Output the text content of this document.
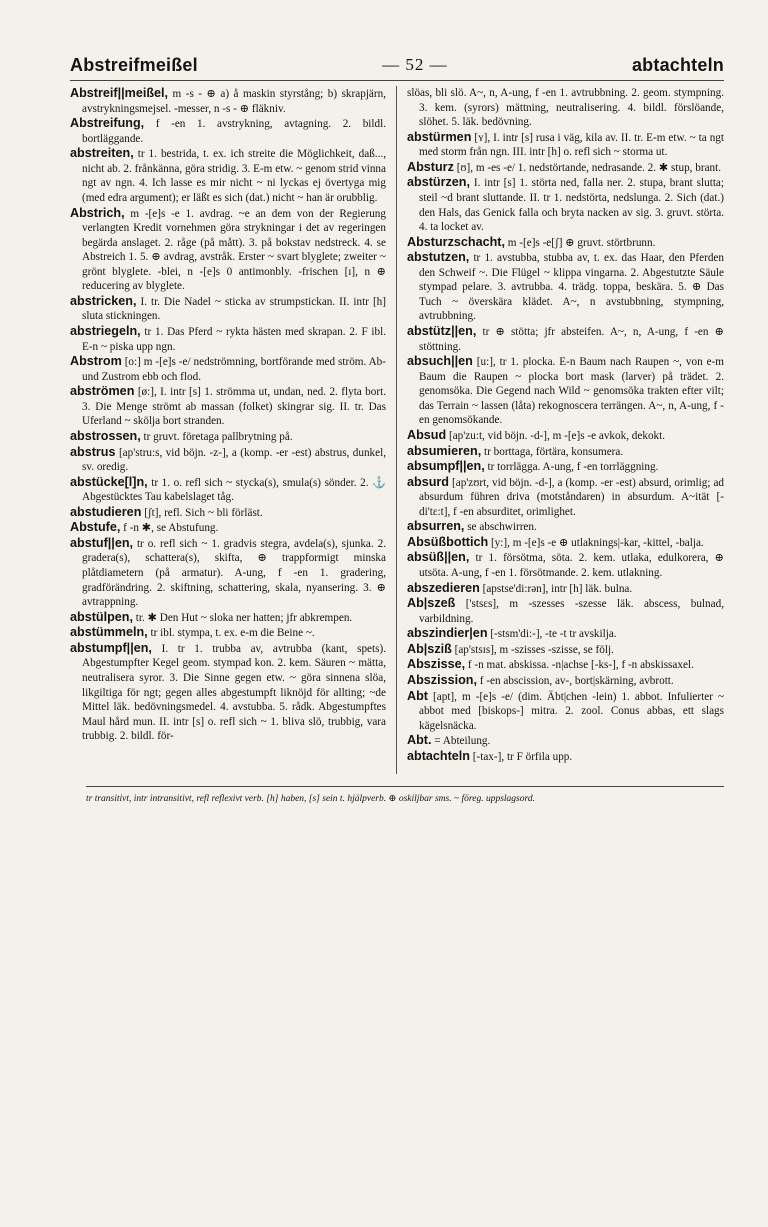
Abstreifmeißel	— 52 —	abtachteln

Abstreif||meißel, m -s - ⊕ a) å maskin styrstång; b) skrapjärn, avstrykningsmejsel. -messer, n -s - ⊕ fläkniv.

Abstreifung, f -en 1. avstrykning, avtagning. 2. bildl. bortläggande.

abstreiten, tr 1. bestrida, t. ex. ich streite die Möglichkeit, daß..., nicht ab. 2. frånkänna, göra stridig. 3. E-m etw. ~ genom strid vinna ngt av ngn. 4. Ich lasse es mir nicht ~ ni lyckas ej övertyga mig (med edra argument); er läßt es sich (dat.) nicht ~ han är orubblig.

Abstrich, m -[e]s -e 1. avdrag. ~e an dem von der Regierung verlangten Kredit vornehmen göra strykningar i det av regeringen begärda anslaget. 2. råge (på mått). 3. på bokstav nedstreck. 4. se Abstreich 1. 5. ⊕ avdrag, avstråk. Erster ~ svart blyglete; zweiter ~ grönt blyglete. -blei, n -[e]s 0 antimonbly. -frischen [ɪ], n ⊕ reducering av blyglete.

abstricken, I. tr. Die Nadel ~ sticka av strumpstickan. II. intr [h] sluta stickningen.

abstriegeln, tr 1. Das Pferd ~ rykta hästen med skrapan. 2. F ibl. E-n ~ piska upp ngn.

Abstrom [o:] m -[e]s -e/ nedströmning, bortförande med ström. Ab- und Zustrom ebb och flod.

abströmen [ø:], I. intr [s] 1. strömma ut, undan, ned. 2. flyta bort. 3. Die Menge strömt ab massan (folket) skingrar sig. II. tr. Das Uferland ~ skölja bort stranden.

abstrossen, tr gruvt. företaga pallbrytning på.

abstrus [ap'stru:s, vid böjn. -z-], a (komp. -er -est) abstrus, dunkel, sv. oredig.

abstücke[l]n, tr 1. o. refl sich ~ stycka(s), smula(s) sönder. 2. ⚓ Abgestücktes Tau kabelslaget tåg.

abstudieren [ʃt], refl. Sich ~ bli förläst.

Abstufe, f -n ✱, se Abstufung.

abstuf||en, tr o. refl sich ~ 1. gradvis stegra, avdela(s), sjunka. 2. gradera(s), schattera(s), skifta, ⊕ trappformigt minska plåtdiametern (på armatur). A-ung, f -en 1. gradering, gradförändring. 2. skiftning, schattering, skala, nyansering. 3. ⊕ avtrappning.

abstülpen, tr. ✱ Den Hut ~ sloka ner hatten; jfr abkrempen.

abstümmeln, tr ibl. stympa, t. ex. e-m die Beine ~.

abstumpf||en, I. tr 1. trubba av, avtrubba (kant, spets). Abgestumpfter Kegel geom. stympad kon. 2. kem. Säuren ~ mätta, neutralisera syror. 3. Die Sinne gegen etw. ~ göra sinnena slöa, likgiltiga för ngt; gegen alles abgestumpft liknöjd för allting; ~de Mittel läk. bedövningsmedel. 4. avstubba. 5. rådk. Abgestumpftes Maul hård mun. II. intr [s] o. refl sich ~ 1. bliva slö, trubbig, vara trubbig. 2. bildl. för-

slöas, bli slö. A~, n, A-ung, f -en 1. avtrubbning. 2. geom. stympning. 3. kem. (syrors) mättning, neutralisering. 4. bildl. förslöande, slöhet. 5. läk. bedövning.

abstürmen [ʏ], I. intr [s] rusa i väg, kila av. II. tr. E-m etw. ~ ta ngt med storm från ngn. III. intr [h] o. refl sich ~ storma ut.

Absturz [ʊ], m -es -e/ 1. nedstörtande, nedrasande. 2. ✱ stup, brant.

abstürzen, I. intr [s] 1. störta ned, falla ner. 2. stupa, brant slutta; steil ~d brant sluttande. II. tr 1. nedstörta, nedslunga. 2. Sich (dat.) den Hals, das Genick falla och bryta nacken av sig. 3. gruvt. störta. 4. ta locket av.

Absturzschacht, m -[e]s -e[ʃ] ⊕ gruvt. störtbrunn.

abstutzen, tr 1. avstubba, stubba av, t. ex. das Haar, den Pferden den Schweif ~. Die Flügel ~ klippa vingarna. 2. Abgestutzte Säule stympad pelare. 3. avtrubba. 4. trädg. toppa, beskära. 5. ⊕ Das Tuch ~ överskära klädet. A~, n avstubbning, stympning, avtrubbning.

abstütz||en, tr ⊕ stötta; jfr absteifen. A~, n, A-ung, f -en ⊕ stöttning.

absuch||en [u:], tr 1. plocka. E-n Baum nach Raupen ~, von e-m Baum die Raupen ~ plocka bort mask (larver) på trädet. 2. genomsöka. Die Gegend nach Wild ~ genomsöka trakten efter vilt; das Terrain ~ lassen (låta) rekognoscera terrängen. A~, n, A-ung, f -en genomsökande.

Absud [ap'zu:t, vid böjn. -d-], m -[e]s -e avkok, dekokt.

absumieren, tr borttaga, förtära, konsumera.

absumpf||en, tr torrlägga. A-ung, f -en torrläggning.

absurd [ap'zʊrt, vid böjn. -d-], a (komp. -er -est) absurd, orimlig; ad absurdum führen driva (motståndaren) in absurdum. A~ität [-di'tɛ:t], f -en absurditet, orimlighet.

absurren, se abschwirren.

Absüßbottich [y:], m -[e]s -e ⊕ utlaknings|-kar, -kittel, -balja.

absüß||en, tr 1. försötma, söta. 2. kem. utlaka, edulkorera, ⊕ utsöta. A-ung, f -en 1. försötmande. 2. kem. utlakning.

abszedieren [apstse'di:rən], intr [h] läk. bulna.

Ab|szeß ['stsɛs], m -szesses -szesse läk. abscess, bulnad, varbildning.

abszindier|en [-stsm'di:-], -te -t tr avskilja.

Ab|sziß [ap'stsɪs], m -szisses -szisse, se följ.

Abszisse, f -n mat. abskissa. -n|achse [-ks-], f -n abskissaxel.

Abszission, f -en abscission, av-, bort|skärning, avbrott.

Abt [apt], m -[e]s -e/ (dim. Äbt|chen -lein) 1. abbot. Infulierter ~ abbot med [biskops-] mitra. 2. zool. Conus abbas, ett slags kägelsnäcka.

Abt. = Abteilung.

abtachteln [-tax-], tr F örfila upp.

tr transitivt, intr intransitivt, refl reflexivt verb. [h] haben, [s] sein t. hjälpverb. ⊕ oskiljbar sms. ~ föreg. uppslagsord.
